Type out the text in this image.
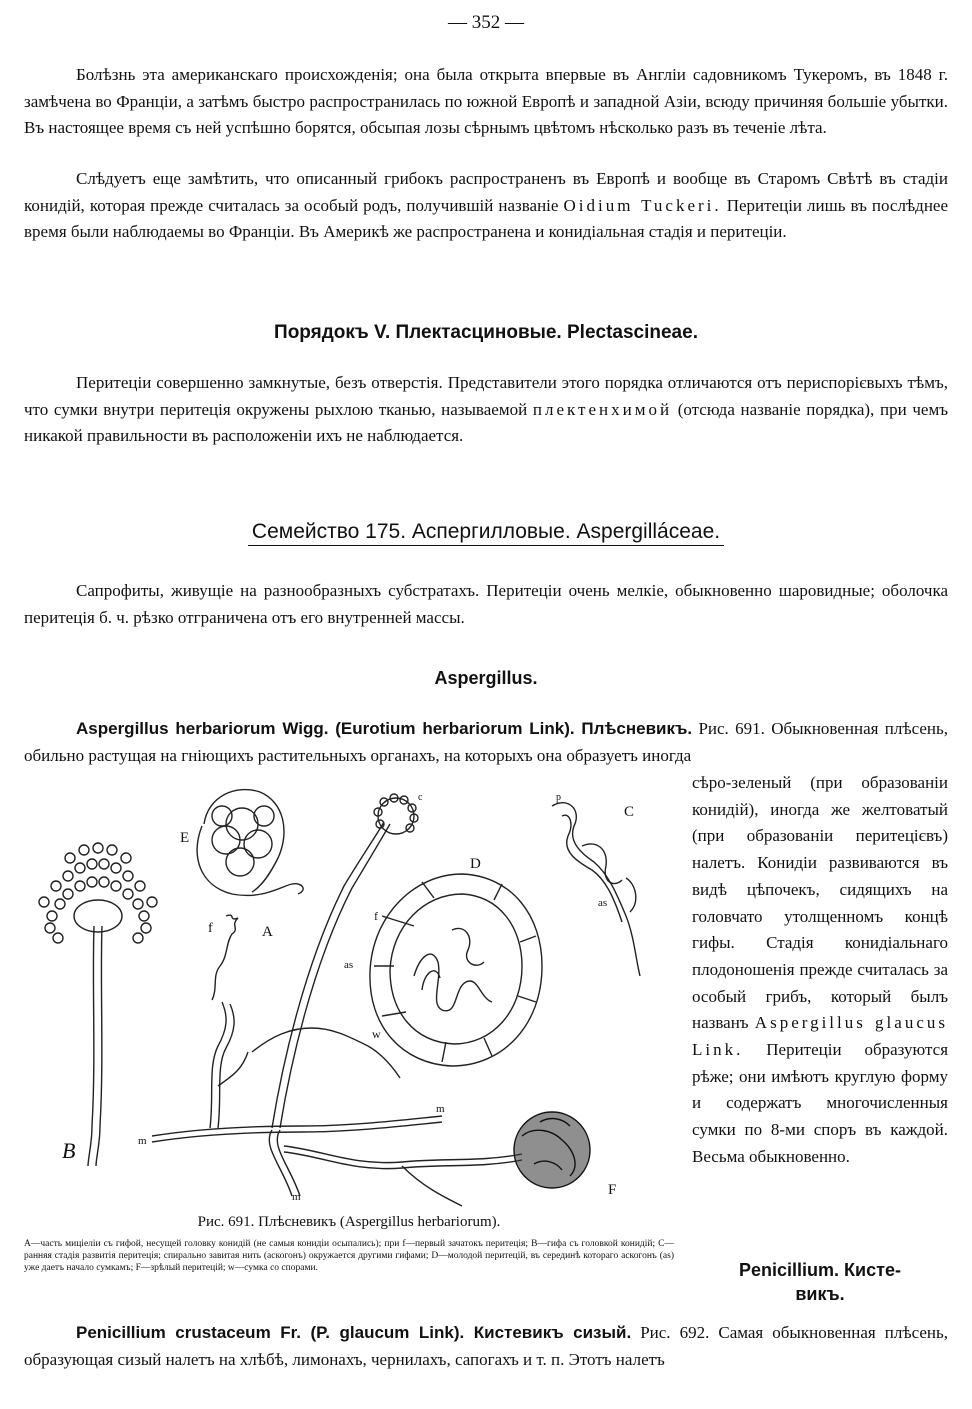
— 352 —

Болѣзнь эта американскаго происхожденія; она была открыта впервые въ Англіи садовникомъ Тукеромъ, въ 1848 г. замѣчена во Франціи, а затѣмъ быстро распространилась по южной Европѣ и западной Азіи, всюду причиняя большіе убытки. Въ настоящее время съ ней успѣшно борятся, обсыпая лозы сѣрнымъ цвѣтомъ нѣсколько разъ въ теченіе лѣта.

Слѣдуетъ еще замѣтить, что описанный грибокъ распространенъ въ Европѣ и вообще въ Старомъ Свѣтѣ въ стадіи конидій, которая прежде считалась за особый родъ, получившій названіе Oidium Tuckeri. Перитеціи лишь въ послѣднее время были наблюдаемы во Франціи. Въ Америкѣ же распространена и конидіальная стадія и перитеціи.

Порядокъ V. Плектасциновые. Plectascineae.

Перитеціи совершенно замкнутые, безъ отверстія. Представители этого порядка отличаются отъ периспорієвыхъ тѣмъ, что сумки внутри перитеція окружены рыхлою тканью, называемой плектенхимой (отсюда названіе порядка), при чемъ никакой правильности въ расположеніи ихъ не наблюдается.

Семейство 175. Аспергилловые. Aspergilláceae.

Сапрофиты, живущіе на разнообразныхъ субстратахъ. Перитеціи очень мелкіе, обыкновенно шаровидные; оболочка перитеція б. ч. рѣзко отграничена отъ его внутренней массы.

Aspergillus.

Aspergillus herbariorum Wigg. (Eurotium herbariorum Link). Плѣсневикъ. Рис. 691. Обыкновенная плѣсень, обильно растущая на гніющихъ растительныхъ органахъ, на которыхъ она образуетъ иногда

сѣро-зеленый (при образованіи конидій), иногда же желтоватый (при образованіи перитецієвъ) налетъ. Конидіи развиваются въ видѣ цѣпочекъ, сидящихъ на головчато утолщенномъ концѣ гифы. Стадія конидіальнаго плодоношенія прежде считалась за особый грибъ, который былъ названъ Aspergillus glaucus Link. Перитеціи образуются рѣже; они имѣютъ круглую форму и содержатъ многочисленныя сумки по 8-ми споръ въ каждой. Весьма обыкновенно.

A
B
C
D
E
F
f
f
as
as
w
m
m
m
c	p
Рис. 691. Плѣсневикъ (Aspergillus herbariorum).

A—часть миціеліи съ гифой, несущей головку конидій (не самыя конидіи осыпались); при f—первый зачатокъ перитеція; B—гифа съ головкой конидій; C—ранняя стадія развитія перитеція; спирально завитая нить (аскогонъ) окружается другими гифами; D—молодой перитецій, въ серединѣ котораго аскогонъ (as) уже даетъ начало сумкамъ; F—зрѣлый перитецій; w—сумка со спорами.	Penicillium. Кисте-
викъ.

Penicillium crustaceum Fr. (P. glaucum Link). Кистевикъ сизый. Рис. 692. Самая обыкновенная плѣсень, образующая сизый налетъ на хлѣбѣ, лимонахъ, чернилахъ, сапогахъ и т. п. Этотъ налетъ
